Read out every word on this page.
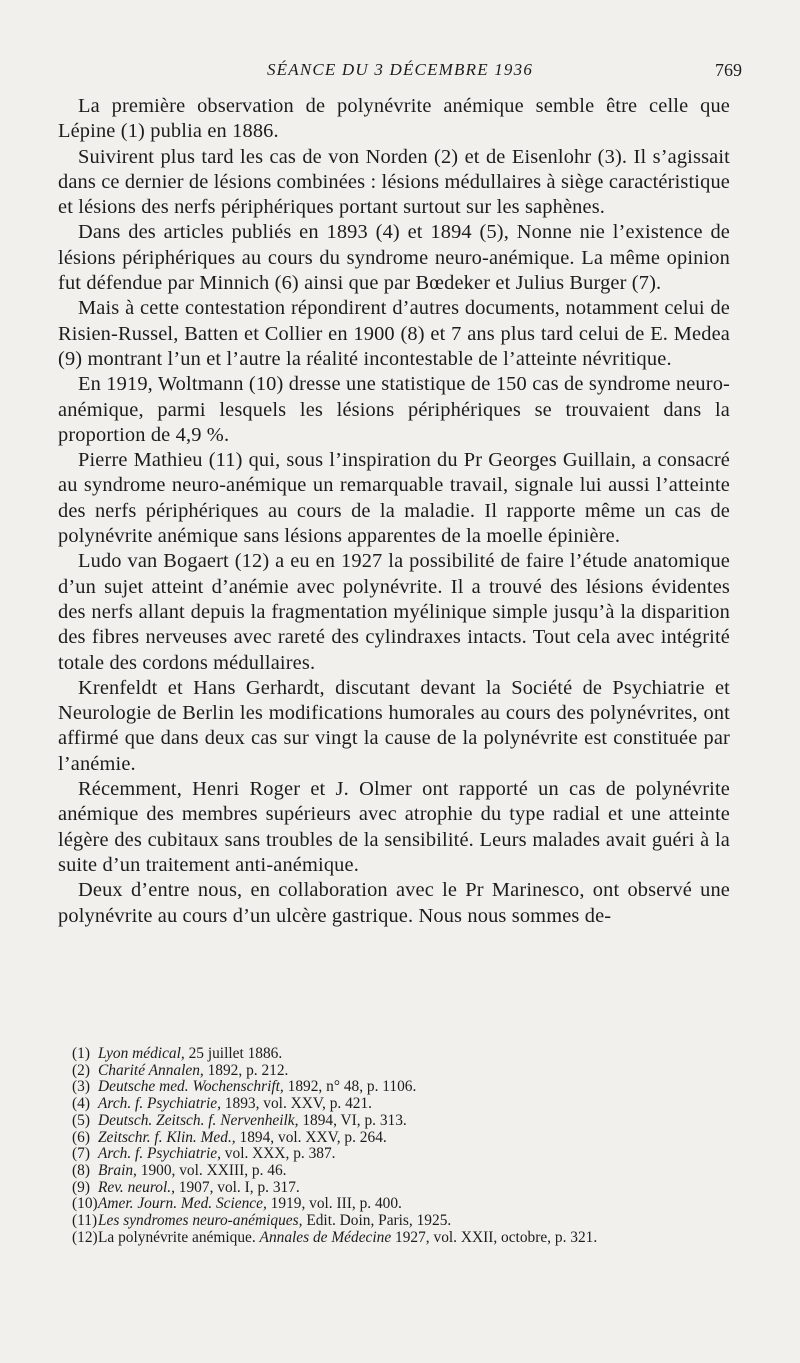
SÉANCE DU 3 DÉCEMBRE 1936	769

La première observation de polynévrite anémique semble être celle que Lépine (1) publia en 1886.

Suivirent plus tard les cas de von Norden (2) et de Eisenlohr (3). Il s’agissait dans ce dernier de lésions combinées : lésions médullaires à siège caractéristique et lésions des nerfs périphériques portant surtout sur les saphènes.

Dans des articles publiés en 1893 (4) et 1894 (5), Nonne nie l’existence de lésions périphériques au cours du syndrome neuro-anémique. La même opinion fut défendue par Minnich (6) ainsi que par Bœdeker et Julius Burger (7).

Mais à cette contestation répondirent d’autres documents, notamment celui de Risien-Russel, Batten et Collier en 1900 (8) et 7 ans plus tard celui de E. Medea (9) montrant l’un et l’autre la réalité incontestable de l’atteinte névritique.

En 1919, Woltmann (10) dresse une statistique de 150 cas de syndrome neuro-anémique, parmi lesquels les lésions périphériques se trouvaient dans la proportion de 4,9 %.

Pierre Mathieu (11) qui, sous l’inspiration du Pr Georges Guillain, a consacré au syndrome neuro-anémique un remarquable travail, signale lui aussi l’atteinte des nerfs périphériques au cours de la maladie. Il rapporte même un cas de polynévrite anémique sans lésions apparentes de la moelle épinière.

Ludo van Bogaert (12) a eu en 1927 la possibilité de faire l’étude anatomique d’un sujet atteint d’anémie avec polynévrite. Il a trouvé des lésions évidentes des nerfs allant depuis la fragmentation myélinique simple jusqu’à la disparition des fibres nerveuses avec rareté des cylindraxes intacts. Tout cela avec intégrité totale des cordons médullaires.

Krenfeldt et Hans Gerhardt, discutant devant la Société de Psychiatrie et Neurologie de Berlin les modifications humorales au cours des polynévrites, ont affirmé que dans deux cas sur vingt la cause de la polynévrite est constituée par l’anémie.

Récemment, Henri Roger et J. Olmer ont rapporté un cas de polynévrite anémique des membres supérieurs avec atrophie du type radial et une atteinte légère des cubitaux sans troubles de la sensibilité. Leurs malades avait guéri à la suite d’un traitement anti-anémique.

Deux d’entre nous, en collaboration avec le Pr Marinesco, ont observé une polynévrite au cours d’un ulcère gastrique. Nous nous sommes de-

(1) Lyon médical, 25 juillet 1886.
(2) Charité Annalen, 1892, p. 212.
(3) Deutsche med. Wochenschrift, 1892, n° 48, p. 1106.
(4) Arch. f. Psychiatrie, 1893, vol. XXV, p. 421.
(5) Deutsch. Zeitsch. f. Nervenheilk, 1894, VI, p. 313.
(6) Zeitschr. f. Klin. Med., 1894, vol. XXV, p. 264.
(7) Arch. f. Psychiatrie, vol. XXX, p. 387.
(8) Brain, 1900, vol. XXIII, p. 46.
(9) Rev. neurol., 1907, vol. I, p. 317.
(10)Amer. Journ. Med. Science, 1919, vol. III, p. 400.
(11)Les syndromes neuro-anémiques, Edit. Doin, Paris, 1925.
(12)La polynévrite anémique. Annales de Médecine 1927, vol. XXII, octobre, p. 321.
